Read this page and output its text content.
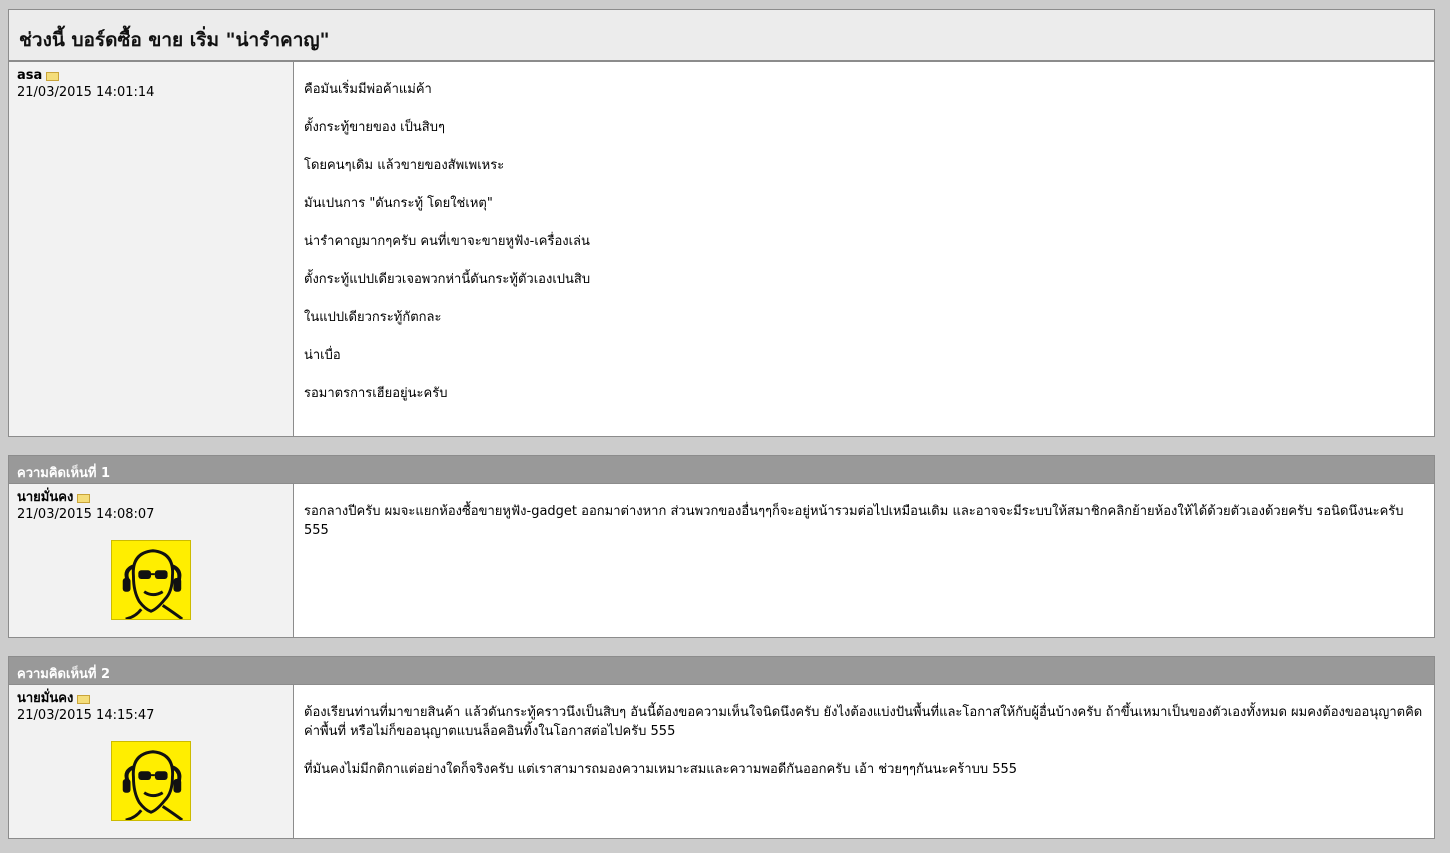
ช่วงนี้ บอร์ดซื้อ ขาย เริ่ม "น่ารำคาญ"
asa
21/03/2015 14:01:14	คือมันเริ่มมีพ่อค้าแม่ค้า

ตั้งกระทู้ขายของ เป็นสิบๆ

โดยคนๆเดิม แล้วขายของสัพเพเหระ

มันเปนการ "ดันกระทู้ โดยใช่เหตุ"

น่ารำคาญมากๆครับ คนที่เขาจะขายหูฟัง-เครื่องเล่น

ตั้งกระทู้แปปเดียวเจอพวกห่านี้ดันกระทู้ตัวเองเปนสิบ

ในแปปเดียวกระทู้กัตกละ

น่าเบื่อ

รอมาตรการเฮียอยู่นะครับ

ความคิดเห็นที่ 1
นายมั่นคง
21/03/2015 14:08:07	รอกลางปีครับ ผมจะแยกห้องซื้อขายหูฟัง-gadget ออกมาต่างหาก ส่วนพวกของอื่นๆๆก็จะอยู่หน้ารวมต่อไปเหมือนเดิม และอาจจะมีระบบให้สมาชิกคลิกย้ายห้องให้ได้ด้วยตัวเองด้วยครับ รอนิดนึงนะครับ 555

ความคิดเห็นที่ 2
นายมั่นคง
21/03/2015 14:15:47	ต้องเรียนท่านที่มาขายสินค้า แล้วดันกระทู้คราวนึงเป็นสิบๆ อันนี้ต้องขอความเห็นใจนิดนึงครับ ยังไงต้องแบ่งปันพื้นที่และโอกาสให้กับผู้อื่นบ้างครับ ถ้าขึ้นเหมาเป็นของตัวเองทั้งหมด ผมคงต้องขออนุญาตคิดค่าพื้นที่ หรือไม่ก็ขออนุญาตแบนล็อคอินทิ้งในโอกาสต่อไปครับ 555

ที่มันคงไม่มีกติกาแต่อย่างใดก็จริงครับ แต่เราสามารถมองความเหมาะสมและความพอดีกันออกครับ เอ้า ช่วยๆๆกันนะคร้าบบ 555
